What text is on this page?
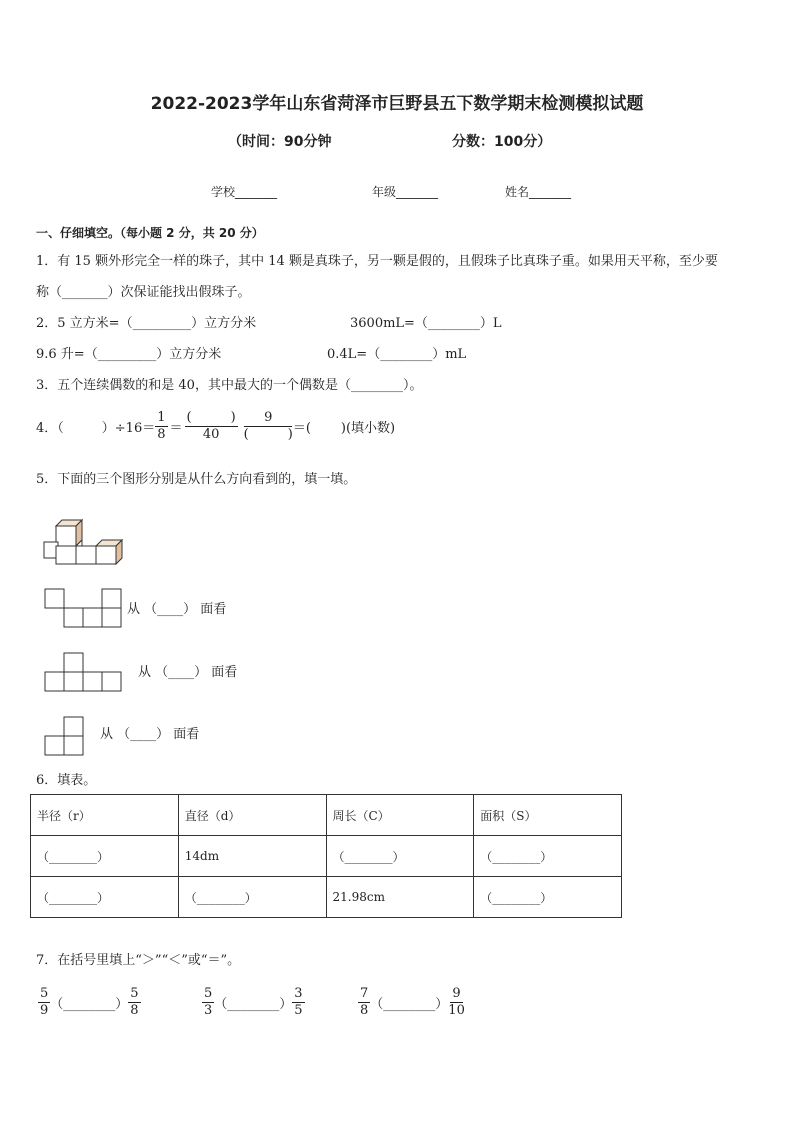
2022-2023学年山东省菏泽市巨野县五下数学期末检测模拟试题
（时间：90分钟	分数：100分）
学校_______	年级_______	姓名_______
一、仔细填空。（每小题 2 分，共 20 分）
1．有 15 颗外形完全一样的珠子，其中 14 颗是真珠子，另一颗是假的，且假珠子比真珠子重。如果用天平称，至少要
称（_______）次保证能找出假珠子。
2．5 立方米=（_________）立方分米	3600mL=（________）L
9.6 升=（_________）立方分米	0.4L=（________）mL
3．五个连续偶数的和是 40，其中最大的一个偶数是（________）。
4．（	）$\div 16= \frac{1}{8} = \frac{( )}{40} \frac{9}{( )}$ ＝( )(填小数)
5．下面的三个图形分别是从什么方向看到的，填一填。
从 （____） 面看
从 （____） 面看
从 （____） 面看
6．填表。
半径（r）	直径（d）	周长（C）	面积（S）
（________）	14dm	（________）	（________）
（________）	（________）	21.98cm	（________）
7．在括号里填上“＞”“＜”或“＝”。
$\frac{5}{9}$ （________） $\frac{5}{8}$	$\frac{5}{3}$ （________） $\frac{3}{5}$	$\frac{7}{8}$ （________） $\frac{9}{10}$
